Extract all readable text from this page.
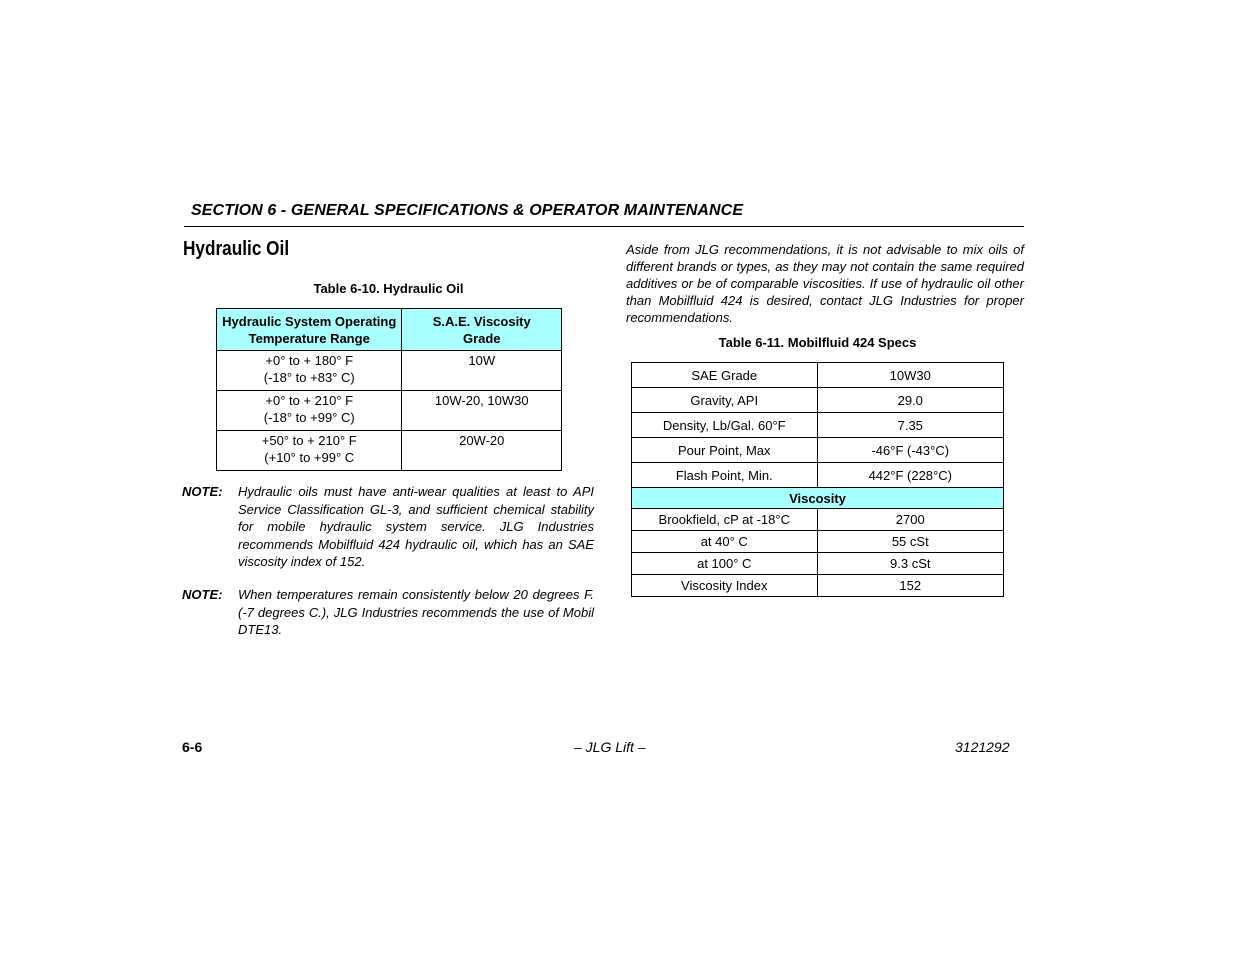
SECTION 6 - GENERAL SPECIFICATIONS & OPERATOR MAINTENANCE
Hydraulic Oil
Table 6-10. Hydraulic Oil
Hydraulic System Operating
Temperature Range	S.A.E. Viscosity
Grade
+0° to + 180° F
(-18° to +83° C)	10W
+0° to + 210° F
(-18° to +99° C)	10W-20, 10W30
+50° to + 210° F
(+10° to +99° C	20W-20
NOTE: Hydraulic oils must have anti-wear qualities at least to API Service Classification GL-3, and sufficient chemical stability for mobile hydraulic system service. JLG Industries recommends Mobilfluid 424 hydraulic oil, which has an SAE viscosity index of 152.
NOTE: When temperatures remain consistently below 20 degrees F. (-7 degrees C.), JLG Industries recommends the use of Mobil DTE13.
Aside from JLG recommendations, it is not advisable to mix oils of different brands or types, as they may not contain the same required additives or be of comparable viscosities. If use of hydraulic oil other than Mobilfluid 424 is desired, contact JLG Industries for proper recommendations.
Table 6-11. Mobilfluid 424 Specs
SAE Grade	10W30
Gravity, API	29.0
Density, Lb/Gal. 60°F	7.35
Pour Point, Max	-46°F (-43°C)
Flash Point, Min.	442°F (228°C)
Viscosity	
Brookfield, cP at -18°C	2700
at 40° C	55 cSt
at 100° C	9.3 cSt
Viscosity Index	152
6-6	– JLG Lift –	3121292
